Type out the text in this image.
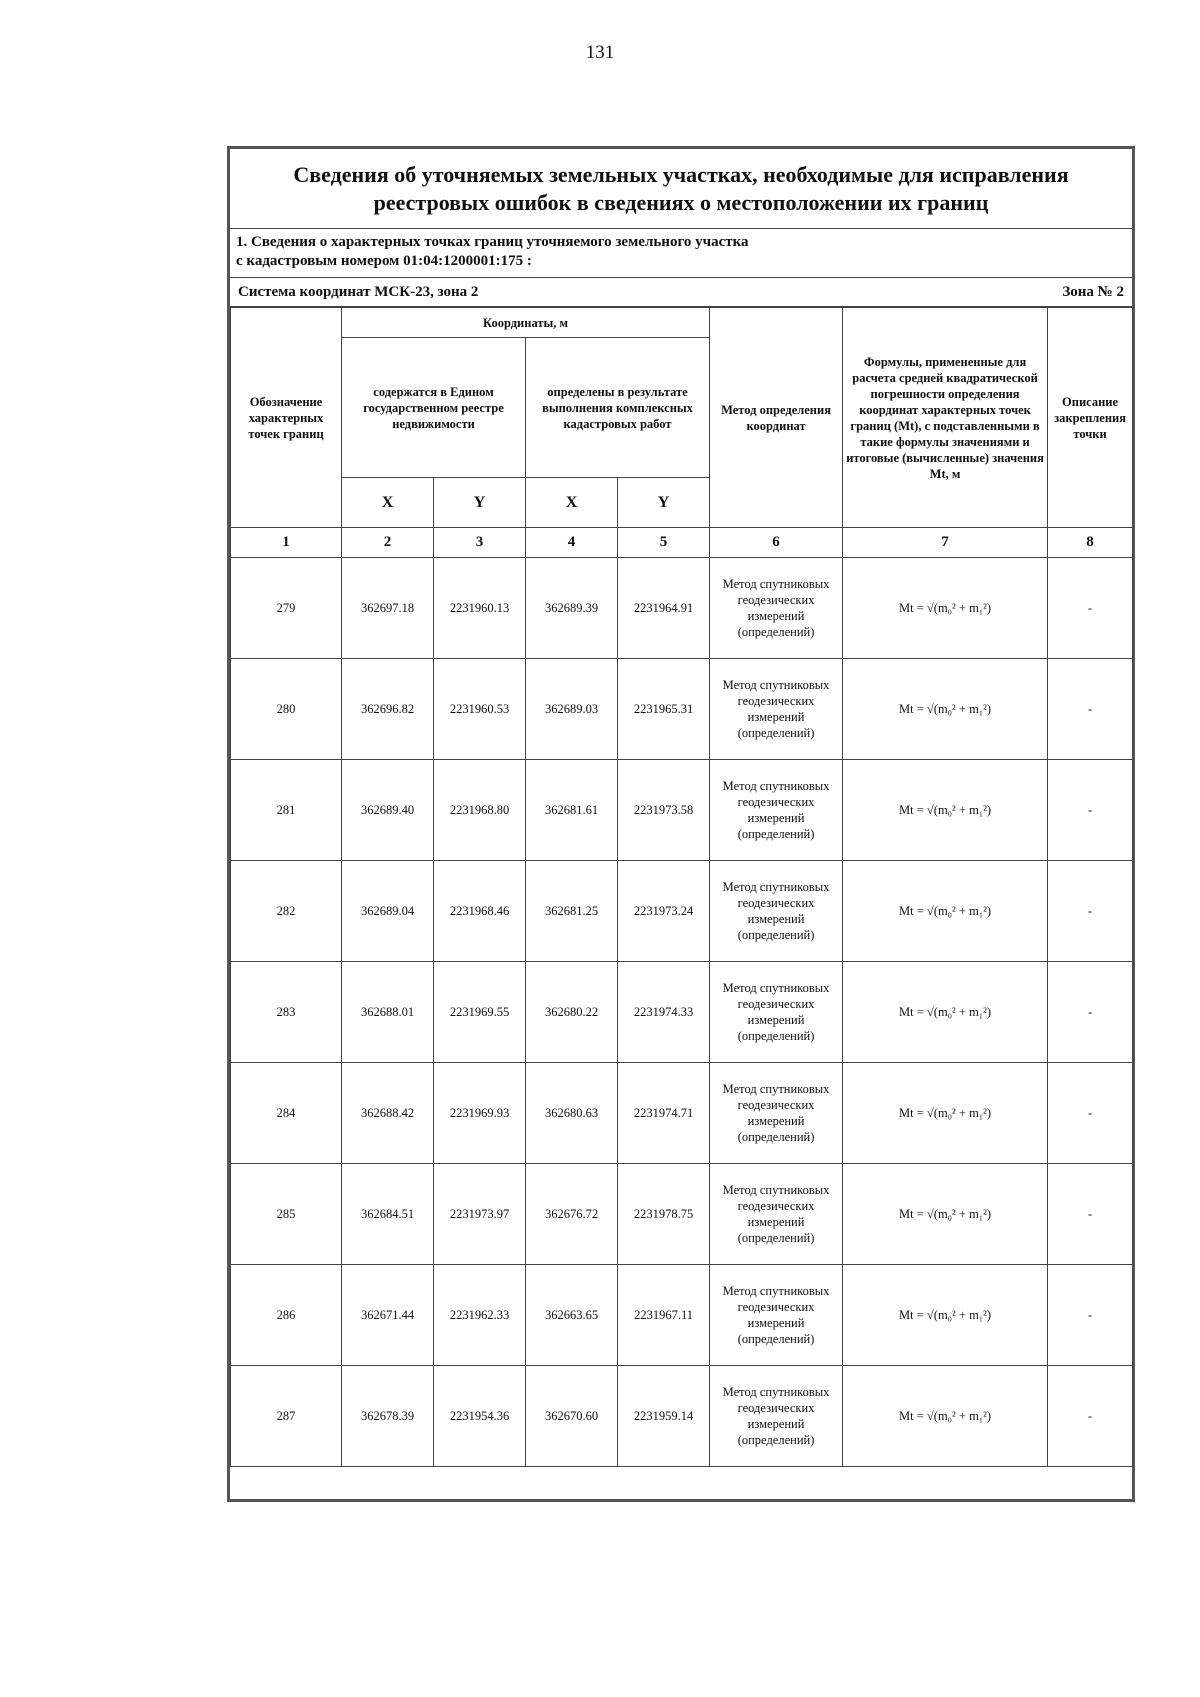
131
Сведения об уточняемых земельных участках, необходимые для исправления реестровых ошибок в сведениях о местоположении их границ
1. Сведения о характерных точках границ уточняемого земельного участка
с кадастровым номером 01:04:1200001:175 :
Система координат МСК-23, зона 2	Зона № 2
Обозначение характерных точек границ	Координаты, м				Метод определения координат	Формулы, примененные для расчета средней квадратической погрешности определения координат характерных точек границ (Mt), с подставленными в такие формулы значениями и итоговые (вычисленные) значения Mt, м	Описание закрепления точки
	содержатся в Едином государственном реестре недвижимости		определены в результате выполнения комплексных кадастровых работ				
	X	Y	X	Y			
1	2	3	4	5	6	7	8
279	362697.18	2231960.13	362689.39	2231964.91	Метод спутниковых геодезических измерений (определений)	Mt = √(m₀² + m₁²)	-
280	362696.82	2231960.53	362689.03	2231965.31	Метод спутниковых геодезических измерений (определений)	Mt = √(m₀² + m₁²)	-
281	362689.40	2231968.80	362681.61	2231973.58	Метод спутниковых геодезических измерений (определений)	Mt = √(m₀² + m₁²)	-
282	362689.04	2231968.46	362681.25	2231973.24	Метод спутниковых геодезических измерений (определений)	Mt = √(m₀² + m₁²)	-
283	362688.01	2231969.55	362680.22	2231974.33	Метод спутниковых геодезических измерений (определений)	Mt = √(m₀² + m₁²)	-
284	362688.42	2231969.93	362680.63	2231974.71	Метод спутниковых геодезических измерений (определений)	Mt = √(m₀² + m₁²)	-
285	362684.51	2231973.97	362676.72	2231978.75	Метод спутниковых геодезических измерений (определений)	Mt = √(m₀² + m₁²)	-
286	362671.44	2231962.33	362663.65	2231967.11	Метод спутниковых геодезических измерений (определений)	Mt = √(m₀² + m₁²)	-
287	362678.39	2231954.36	362670.60	2231959.14	Метод спутниковых геодезических измерений (определений)	Mt = √(m₀² + m₁²)	-
